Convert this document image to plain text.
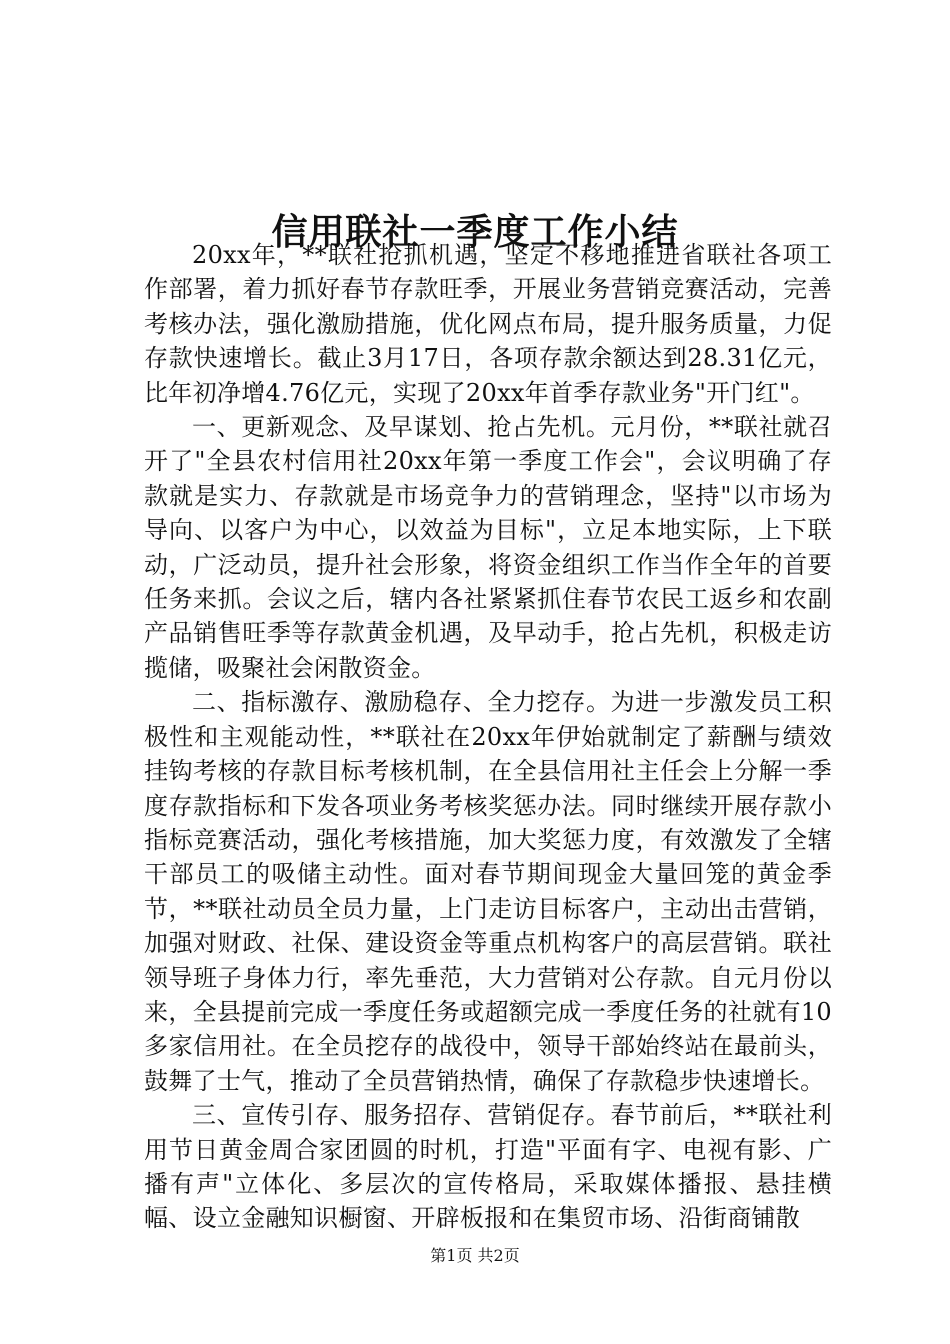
信用联社一季度工作小结

20xx年，**联社抢抓机遇，坚定不移地推进省联社各项工作部署，着力抓好春节存款旺季，开展业务营销竞赛活动，完善考核办法，强化激励措施，优化网点布局，提升服务质量，力促存款快速增长。截止3月17日，各项存款余额达到28.31亿元，比年初净增4.76亿元，实现了20xx年首季存款业务"开门红"。

一、更新观念、及早谋划、抢占先机。元月份，**联社就召开了"全县农村信用社20xx年第一季度工作会"，会议明确了存款就是实力、存款就是市场竞争力的营销理念，坚持"以市场为导向、以客户为中心，以效益为目标"，立足本地实际，上下联动，广泛动员，提升社会形象，将资金组织工作当作全年的首要任务来抓。会议之后，辖内各社紧紧抓住春节农民工返乡和农副产品销售旺季等存款黄金机遇，及早动手，抢占先机，积极走访揽储，吸聚社会闲散资金。

二、指标激存、激励稳存、全力挖存。为进一步激发员工积极性和主观能动性，**联社在20xx年伊始就制定了薪酬与绩效挂钩考核的存款目标考核机制，在全县信用社主任会上分解一季度存款指标和下发各项业务考核奖惩办法。同时继续开展存款小指标竞赛活动，强化考核措施，加大奖惩力度，有效激发了全辖干部员工的吸储主动性。面对春节期间现金大量回笼的黄金季节，**联社动员全员力量，上门走访目标客户，主动出击营销，加强对财政、社保、建设资金等重点机构客户的高层营销。联社领导班子身体力行，率先垂范，大力营销对公存款。自元月份以来，全县提前完成一季度任务或超额完成一季度任务的社就有10多家信用社。在全员挖存的战役中，领导干部始终站在最前头，鼓舞了士气，推动了全员营销热情，确保了存款稳步快速增长。

三、宣传引存、服务招存、营销促存。春节前后，**联社利用节日黄金周合家团圆的时机，打造"平面有字、电视有影、广播有声"立体化、多层次的宣传格局，采取媒体播报、悬挂横幅、设立金融知识橱窗、开辟板报和在集贸市场、沿街商铺散

第1页 共2页
